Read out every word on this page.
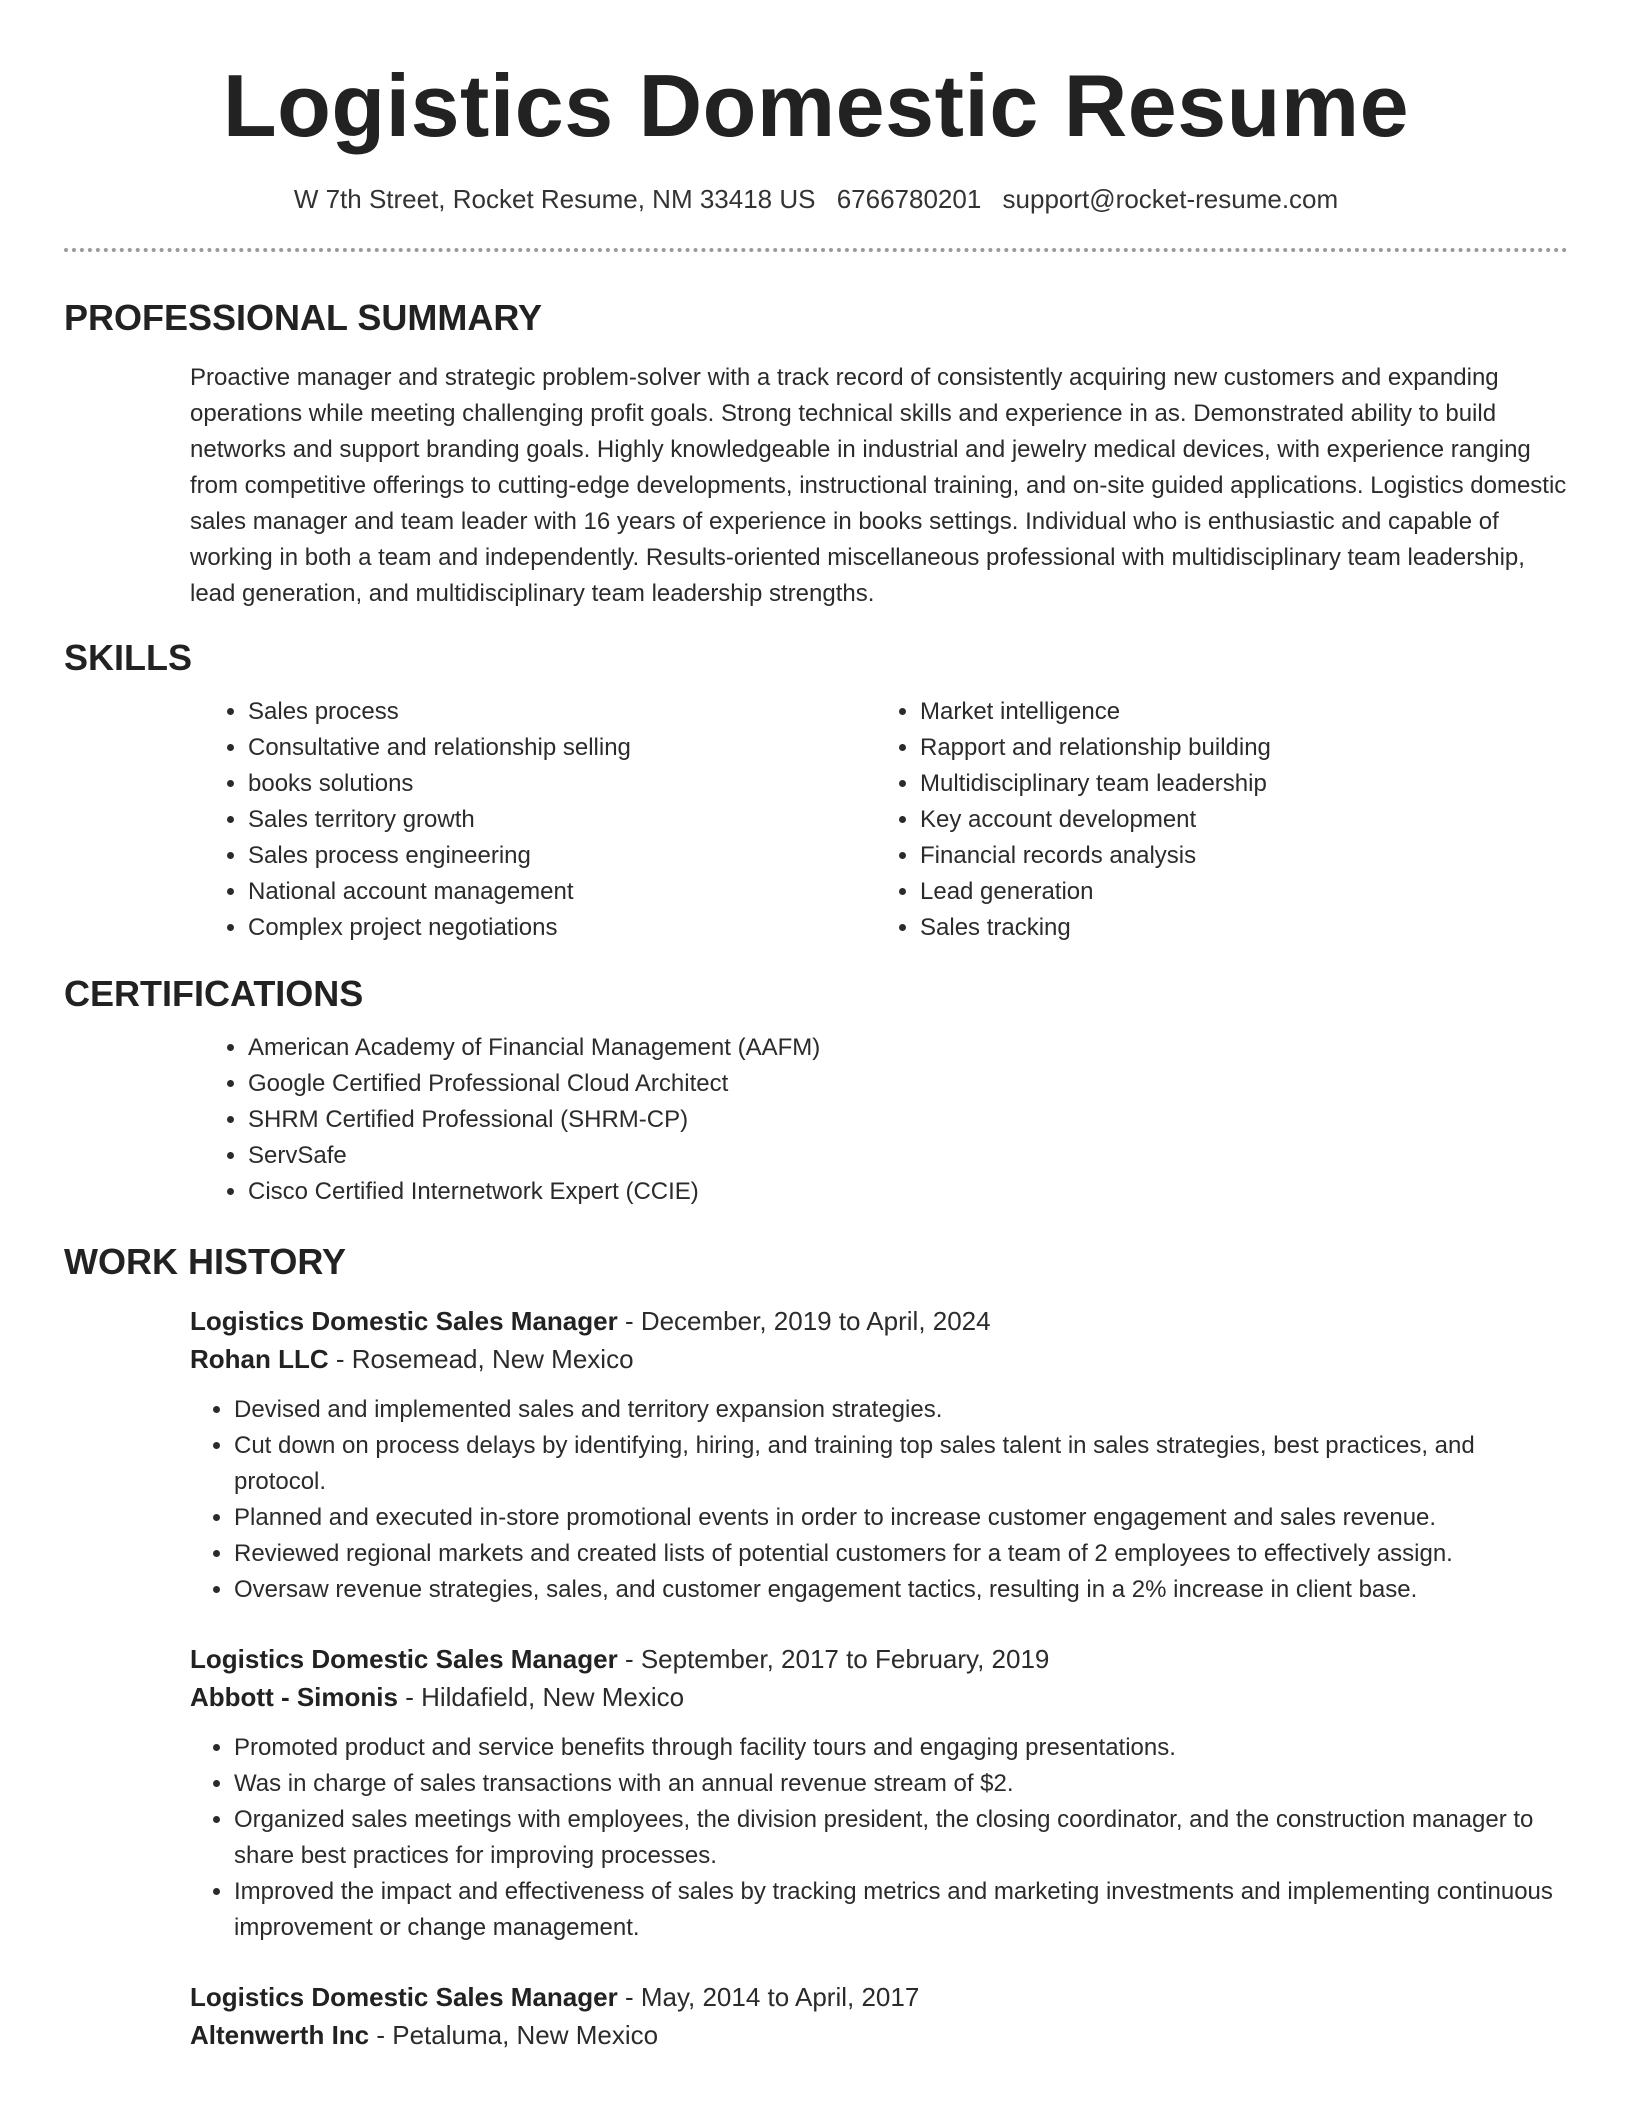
Logistics Domestic Resume
W 7th Street, Rocket Resume, NM 33418 US 6766780201 support@rocket-resume.com
PROFESSIONAL SUMMARY

Proactive manager and strategic problem-solver with a track record of consistently acquiring new customers and expanding operations while meeting challenging profit goals. Strong technical skills and experience in as. Demonstrated ability to build networks and support branding goals. Highly knowledgeable in industrial and jewelry medical devices, with experience ranging from competitive offerings to cutting-edge developments, instructional training, and on-site guided applications. Logistics domestic sales manager and team leader with 16 years of experience in books settings. Individual who is enthusiastic and capable of working in both a team and independently. Results-oriented miscellaneous professional with multidisciplinary team leadership, lead generation, and multidisciplinary team leadership strengths.

SKILLS
• Sales process
• Consultative and relationship selling
• books solutions
• Sales territory growth
• Sales process engineering
• National account management
• Complex project negotiations
• Market intelligence
• Rapport and relationship building
• Multidisciplinary team leadership
• Key account development
• Financial records analysis
• Lead generation
• Sales tracking
CERTIFICATIONS
• American Academy of Financial Management (AAFM)
• Google Certified Professional Cloud Architect
• SHRM Certified Professional (SHRM-CP)
• ServSafe
• Cisco Certified Internetwork Expert (CCIE)
WORK HISTORY
Logistics Domestic Sales Manager - December, 2019 to April, 2024
Rohan LLC - Rosemead, New Mexico
• Devised and implemented sales and territory expansion strategies.
• Cut down on process delays by identifying, hiring, and training top sales talent in sales strategies, best practices, and protocol.
• Planned and executed in-store promotional events in order to increase customer engagement and sales revenue.
• Reviewed regional markets and created lists of potential customers for a team of 2 employees to effectively assign.
• Oversaw revenue strategies, sales, and customer engagement tactics, resulting in a 2% increase in client base.
Logistics Domestic Sales Manager - September, 2017 to February, 2019
Abbott - Simonis - Hildafield, New Mexico
• Promoted product and service benefits through facility tours and engaging presentations.
• Was in charge of sales transactions with an annual revenue stream of $2.
• Organized sales meetings with employees, the division president, the closing coordinator, and the construction manager to share best practices for improving processes.
• Improved the impact and effectiveness of sales by tracking metrics and marketing investments and implementing continuous improvement or change management.
Logistics Domestic Sales Manager - May, 2014 to April, 2017
Altenwerth Inc - Petaluma, New Mexico
